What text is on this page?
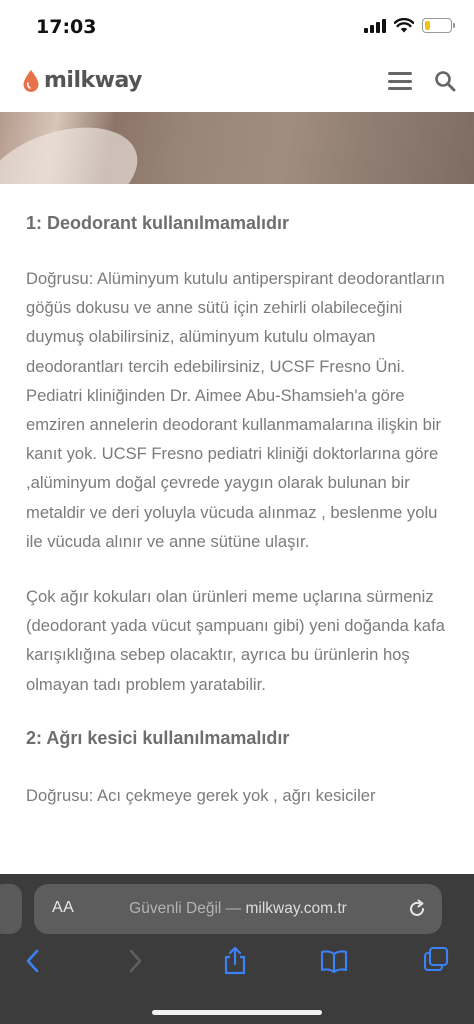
17:03
milkway
1: Deodorant kullanılmamalıdır

Doğrusu: Alüminyum kutulu antiperspirant deodorantların göğüs dokusu ve anne sütü için zehirli olabileceğini duymuş olabilirsiniz, alüminyum kutulu olmayan deodorantları tercih edebilirsiniz, UCSF Fresno Üni. Pediatri kliniğinden Dr. Aimee Abu-Shamsieh'a göre emziren annelerin deodorant kullanmamalarına ilişkin bir kanıt yok. UCSF Fresno pediatri kliniği doktorlarına göre ,alüminyum doğal çevrede yaygın olarak bulunan bir metaldir ve deri yoluyla vücuda alınmaz , beslenme yolu ile vücuda alınır ve anne sütüne ulaşır.

Çok ağır kokuları olan ürünleri meme uçlarına sürmeniz (deodorant yada vücut şampuanı gibi) yeni doğanda kafa karışıklığına sebep olacaktır, ayrıca bu ürünlerin hoş olmayan tadı problem yaratabilir.

2: Ağrı kesici kullanılmamalıdır

Doğrusu: Acı çekmeye gerek yok , ağrı kesiciler

AA	Güvenli Değil — milkway.com.tr
